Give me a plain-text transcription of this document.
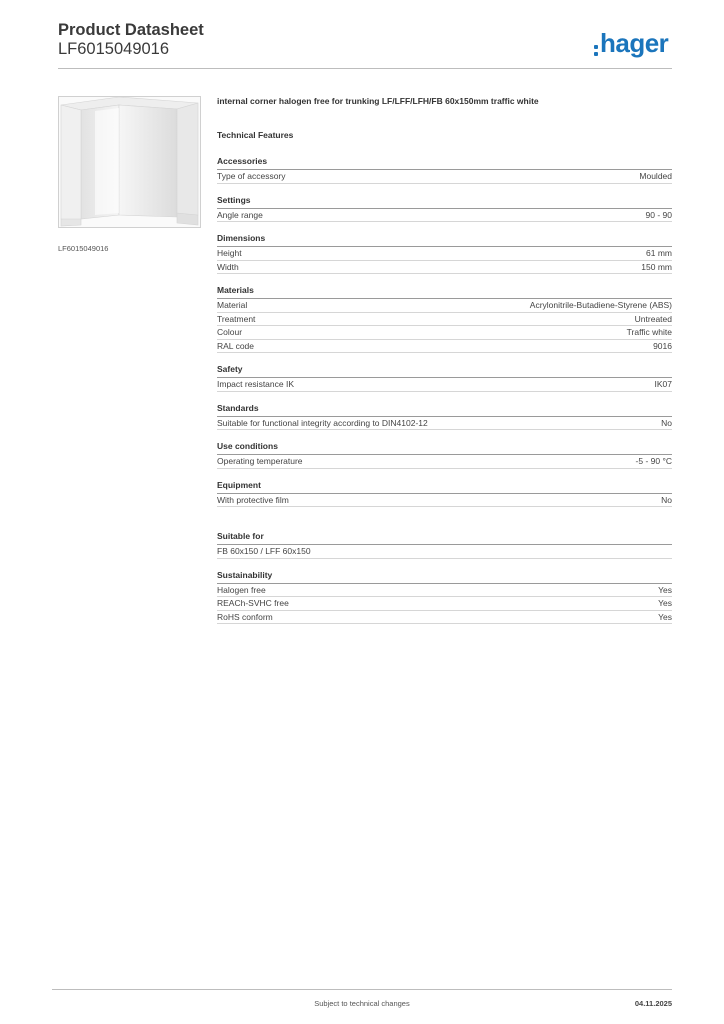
Product Datasheet
LF6015049016	hager
LF6015049016
internal corner halogen free for trunking LF/LFF/LFH/FB 60x150mm traffic white
Technical Features
Accessories
Type of accessory	Moulded
Settings
Angle range	90 - 90
Dimensions
Height	61 mm
Width	150 mm
Materials
Material	Acrylonitrile-Butadiene-Styrene (ABS)
Treatment	Untreated
Colour	Traffic white
RAL code	9016
Safety
Impact resistance IK	IK07
Standards
Suitable for functional integrity according to DIN4102-12	No
Use conditions
Operating temperature	-5 - 90 °C
Equipment
With protective film	No
Suitable for
FB 60x150 / LFF 60x150
Sustainability
Halogen free	Yes
REACh-SVHC free	Yes
RoHS conform	Yes
Subject to technical changes	04.11.2025
